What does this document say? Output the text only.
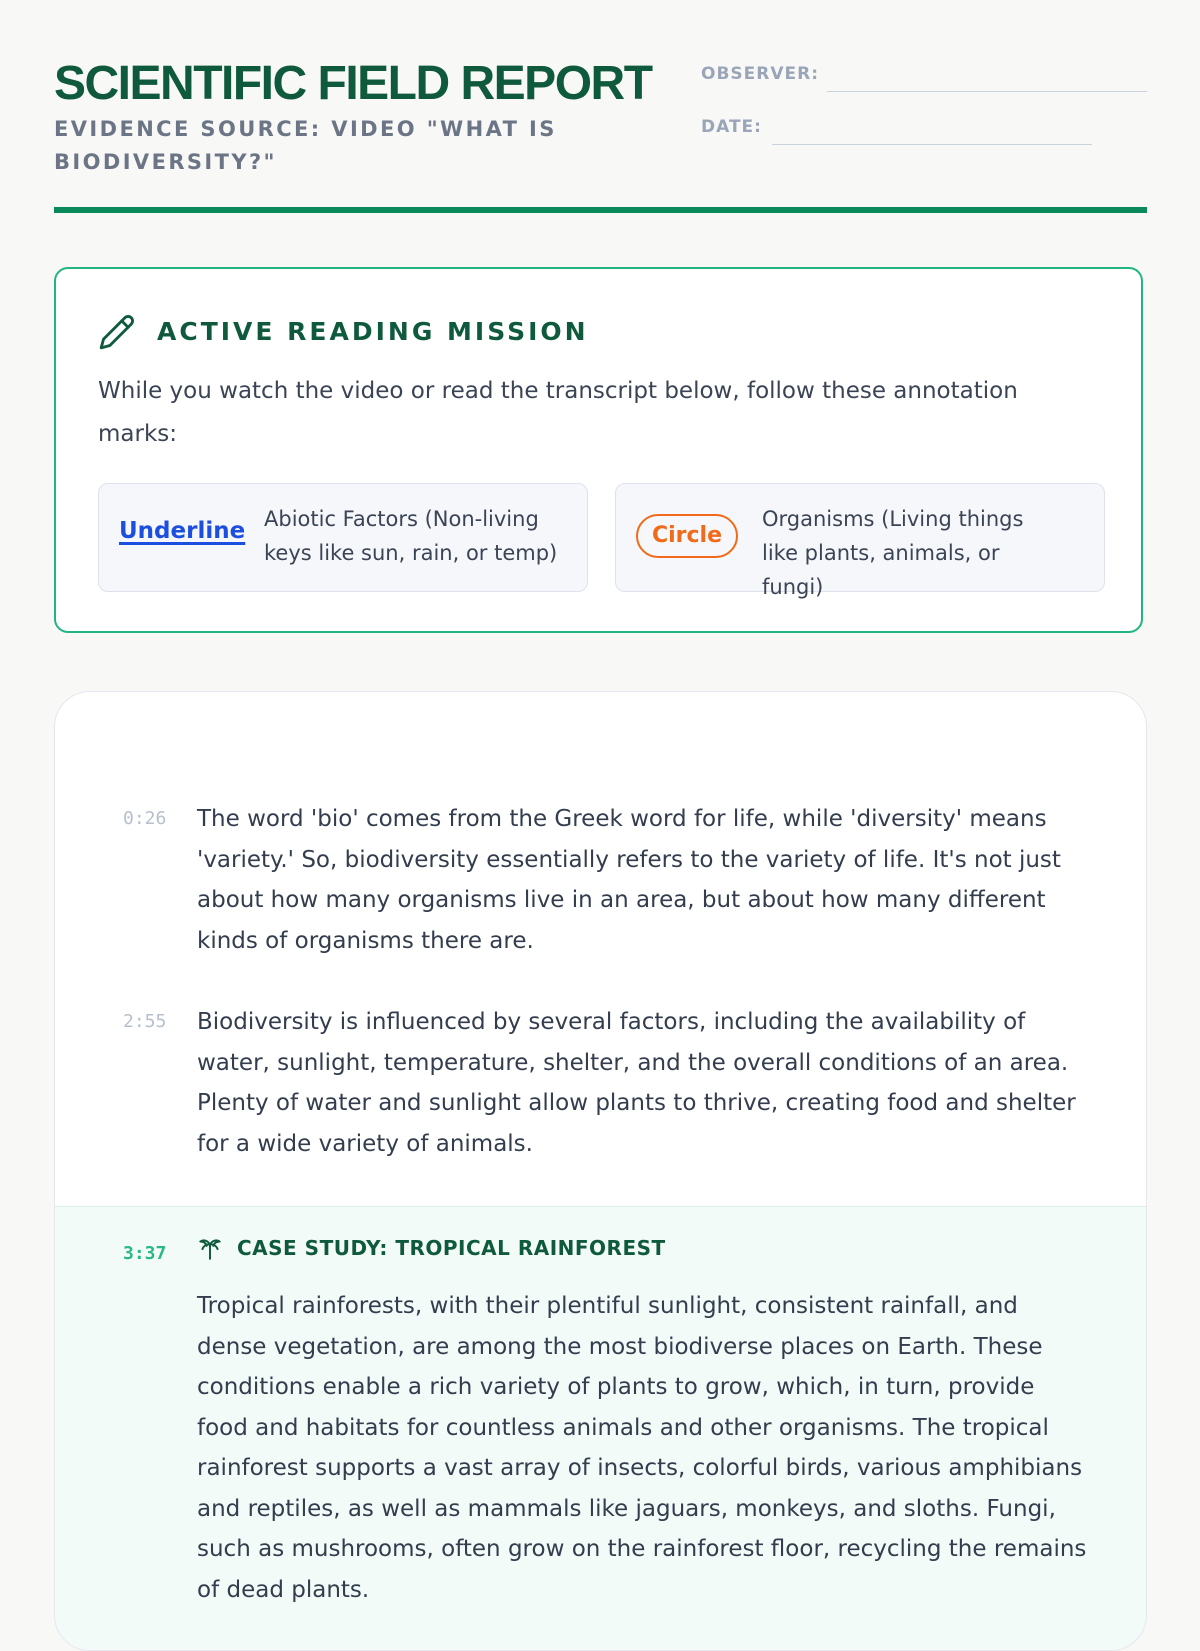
SCIENTIFIC FIELD REPORT
EVIDENCE SOURCE: VIDEO "WHAT IS BIODIVERSITY?"
OBSERVER:
DATE:
ACTIVE READING MISSION
While you watch the video or read the transcript below, follow these annotation marks:
Underline Abiotic Factors (Non-living keys like sun, rain, or temp)
Circle
Organisms (Living things like plants, animals, or fungi)
0:26 The word 'bio' comes from the Greek word for life, while 'diversity' means 'variety.' So, biodiversity essentially refers to the variety of life. It's not just about how many organisms live in an area, but about how many different kinds of organisms there are.
2:55 Biodiversity is influenced by several factors, including the availability of water, sunlight, temperature, shelter, and the overall conditions of an area. Plenty of water and sunlight allow plants to thrive, creating food and shelter for a wide variety of animals.
3:37	CASE STUDY: TROPICAL RAINFOREST
Tropical rainforests, with their plentiful sunlight, consistent rainfall, and dense vegetation, are among the most biodiverse places on Earth. These conditions enable a rich variety of plants to grow, which, in turn, provide food and habitats for countless animals and other organisms. The tropical rainforest supports a vast array of insects, colorful birds, various amphibians and reptiles, as well as mammals like jaguars, monkeys, and sloths. Fungi, such as mushrooms, often grow on the rainforest floor, recycling the remains of dead plants.
